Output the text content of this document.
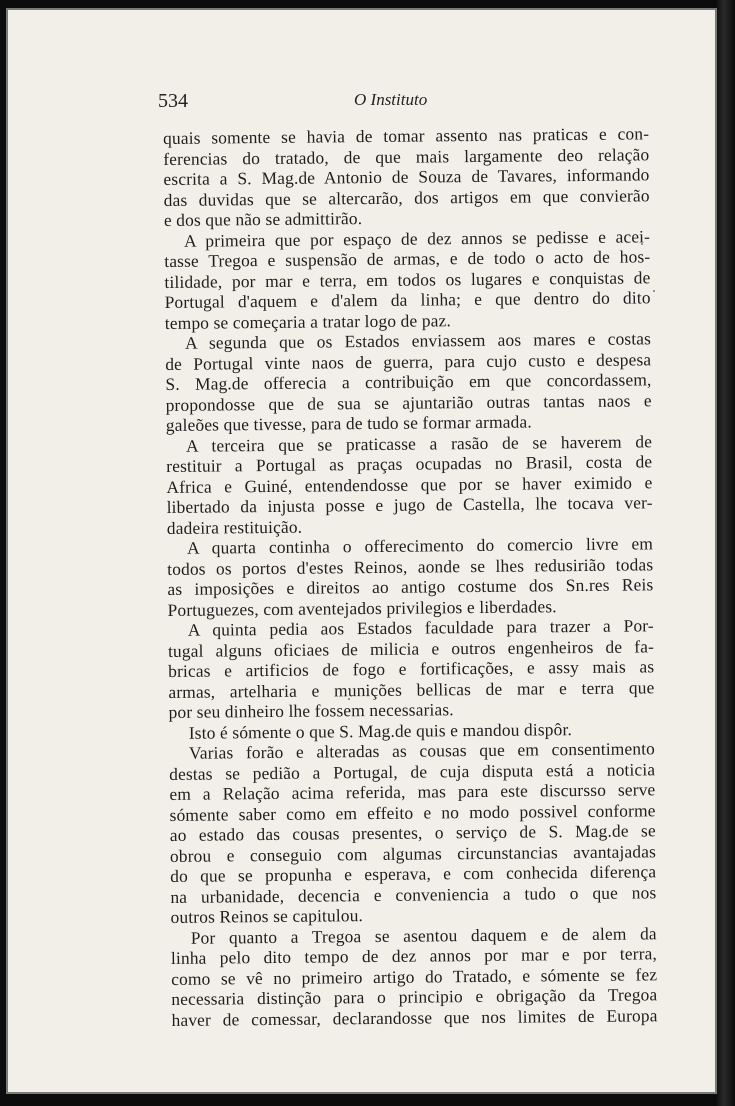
534	O Instituto
quais somente se havia de tomar assento nas praticas e con-
ferencias do tratado, de que mais largamente deo relação
escrita a S. Mag.de Antonio de Souza de Tavares, informando
das duvidas que se altercarão, dos artigos em que convierão
e dos que não se admittirão.
A primeira que por espaço de dez annos se pedisse e acei-
tasse Tregoa e suspensão de armas, e de todo o acto de hos-
tilidade, por mar e terra, em todos os lugares e conquistas de
Portugal d'aquem e d'alem da linha; e que dentro do dito
tempo se começaria a tratar logo de paz.
A segunda que os Estados enviassem aos mares e costas
de Portugal vinte naos de guerra, para cujo custo e despesa
S. Mag.de offerecia a contribuição em que concordassem,
propondosse que de sua se ajuntarião outras tantas naos e
galeões que tivesse, para de tudo se formar armada.
A terceira que se praticasse a rasão de se haverem de
restituir a Portugal as praças ocupadas no Brasil, costa de
Africa e Guiné, entendendosse que por se haver eximido e
libertado da injusta posse e jugo de Castella, lhe tocava ver-
dadeira restituição.
A quarta continha o offerecimento do comercio livre em
todos os portos d'estes Reinos, aonde se lhes redusirião todas
as imposições e direitos ao antigo costume dos Sn.res Reis
Portuguezes, com aventejados privilegios e liberdades.
A quinta pedia aos Estados faculdade para trazer a Por-
tugal alguns oficiaes de milicia e outros engenheiros de fa-
bricas e artificios de fogo e fortificações, e assy mais as
armas, artelharia e munições bellicas de mar e terra que
por seu dinheiro lhe fossem necessarias.
Isto é sómente o que S. Mag.de quis e mandou dispôr.
Varias forão e alteradas as cousas que em consentimento
destas se pedião a Portugal, de cuja disputa está a noticia
em a Relação acima referida, mas para este discursso serve
sómente saber como em effeito e no modo possivel conforme
ao estado das cousas presentes, o serviço de S. Mag.de se
obrou e conseguio com algumas circunstancias avantajadas
do que se propunha e esperava, e com conhecida diferença
na urbanidade, decencia e conveniencia a tudo o que nos
outros Reinos se capitulou.
Por quanto a Tregoa se asentou daquem e de alem da
linha pelo dito tempo de dez annos por mar e por terra,
como se vê no primeiro artigo do Tratado, e sómente se fez
necessaria distinção para o principio e obrigação da Tregoa
haver de comessar, declarandosse que nos limites de Europa
